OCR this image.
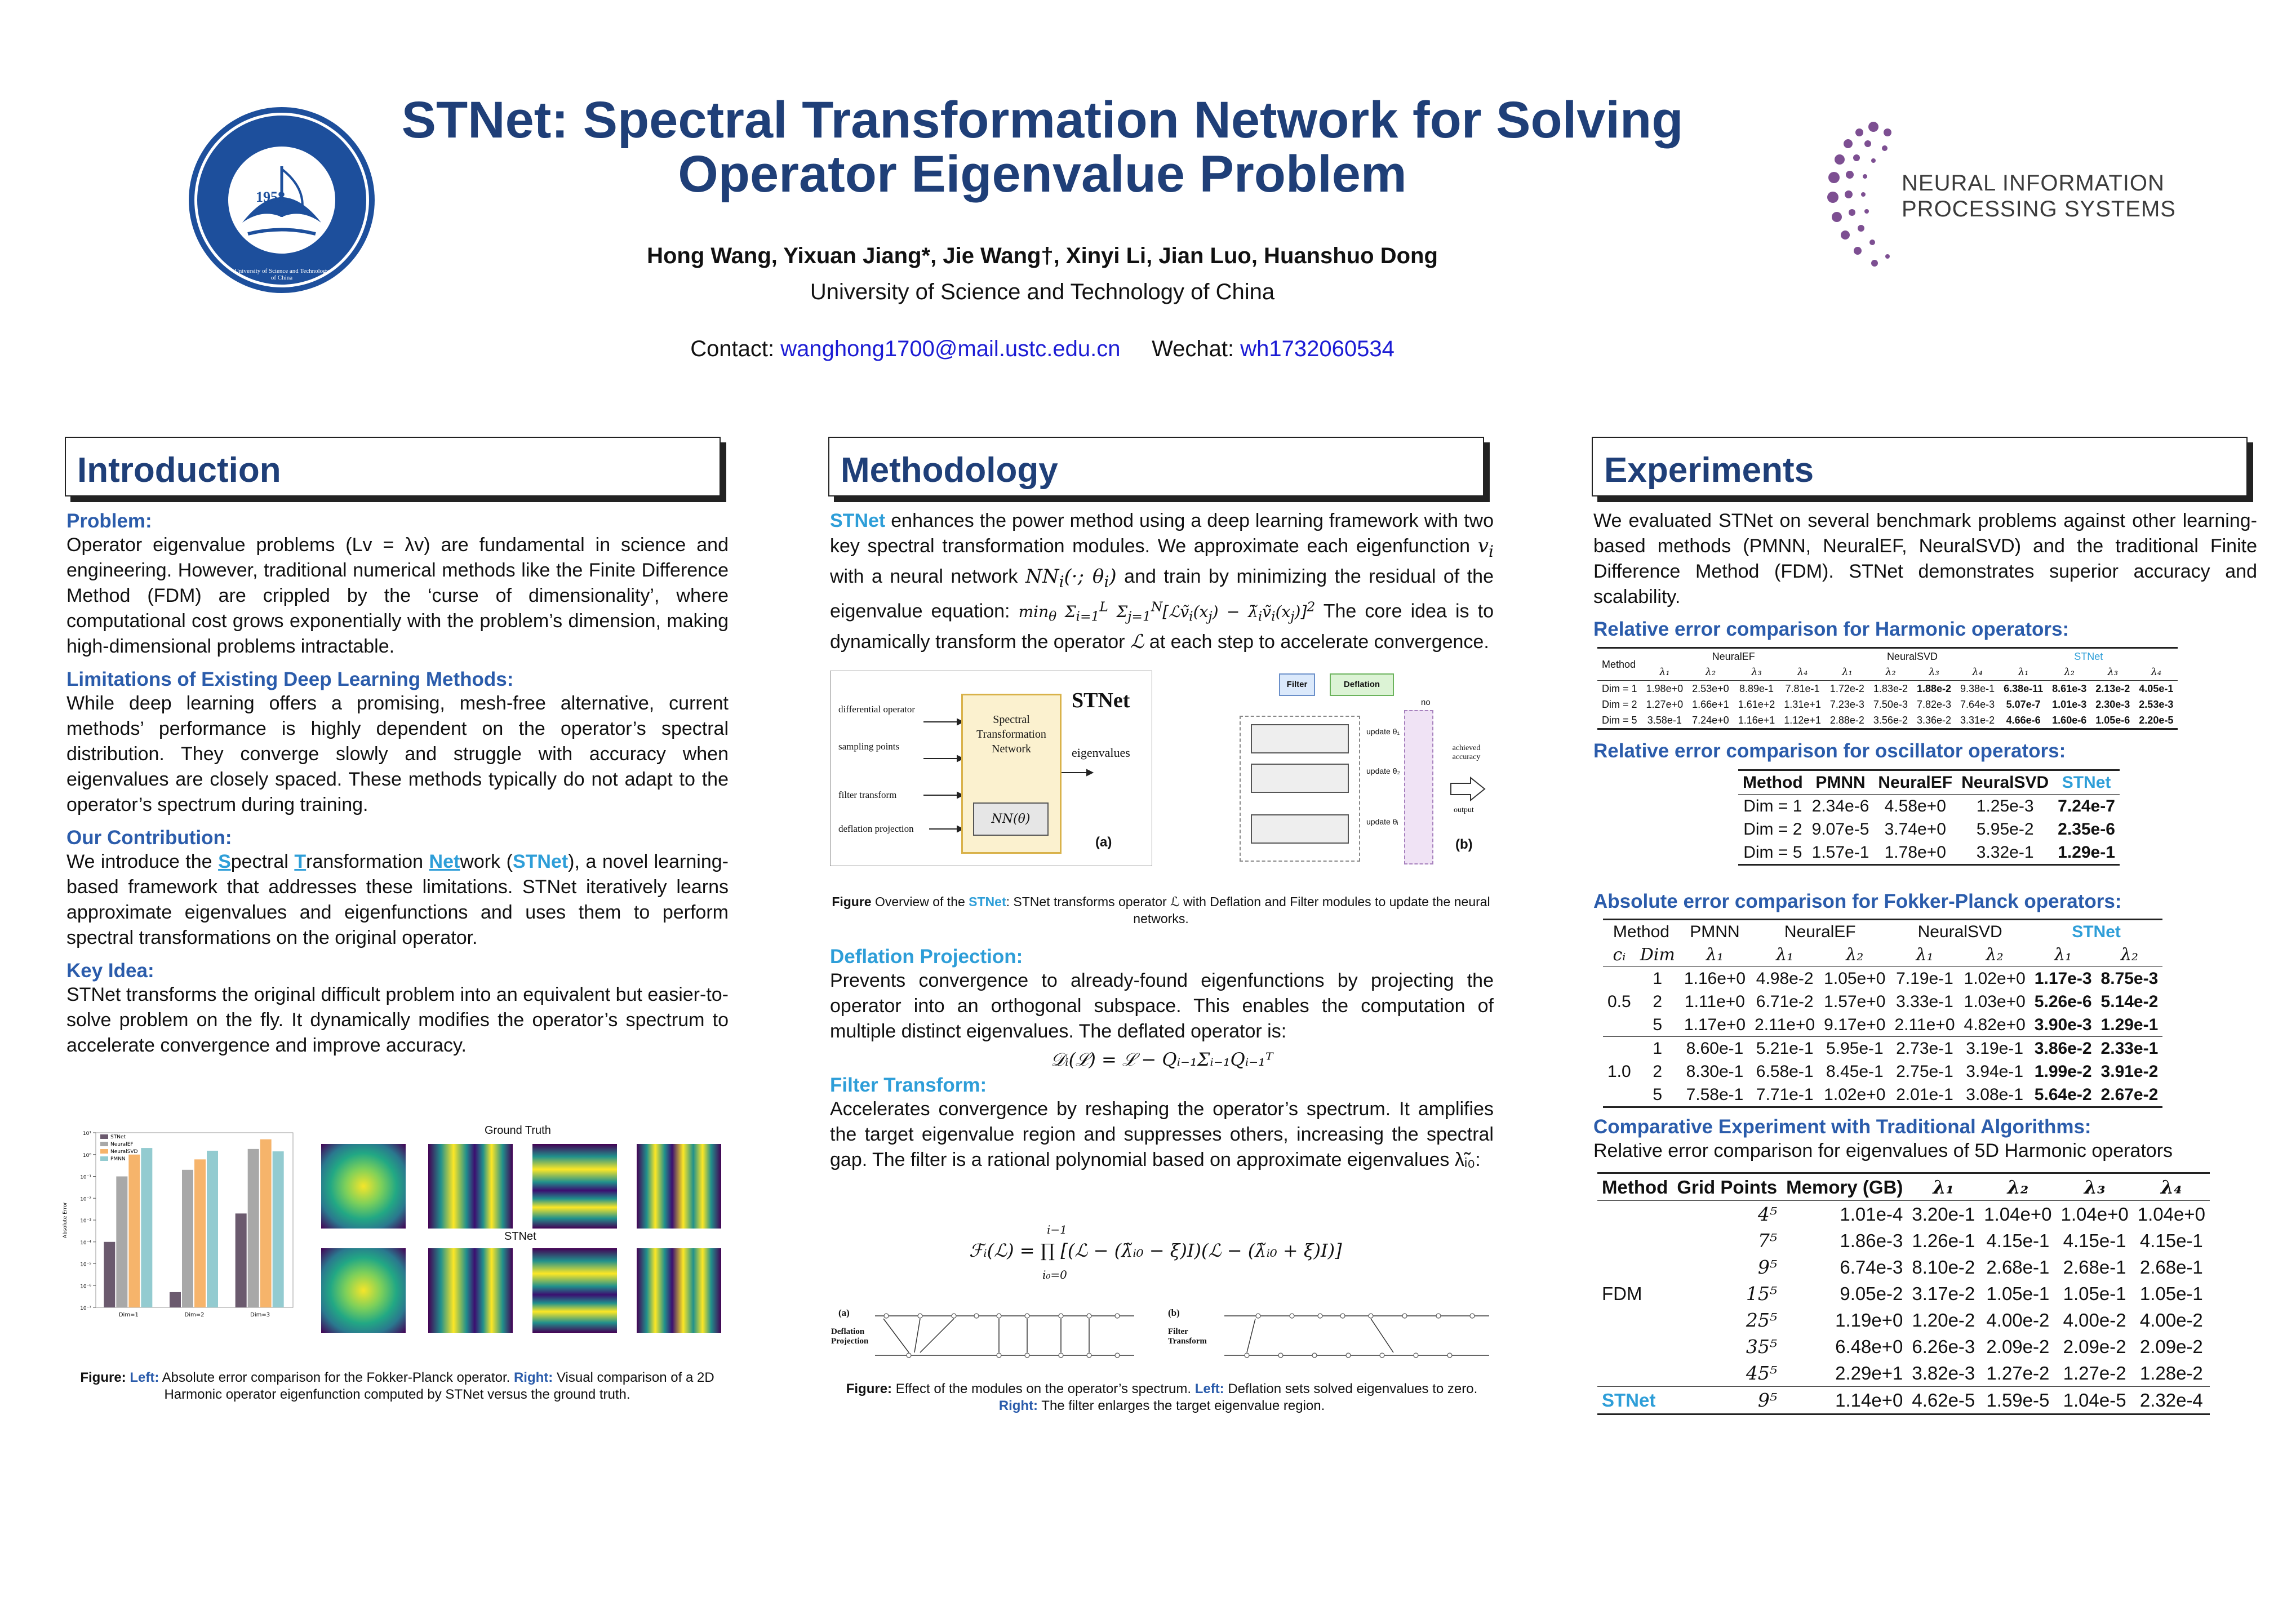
1958
University of Science and Technology of China
STNet: Spectral Transformation Network for Solving
Operator Eigenvalue Problem
Hong Wang, Yixuan Jiang*, Jie Wang†, Xinyi Li, Jian Luo, Huanshuo Dong
University of Science and Technology of China
Contact: wanghong1700@mail.ustc.edu.cn Wechat: wh1732060534
NEURAL INFORMATION
PROCESSING SYSTEMS
Introduction
Problem:
Operator eigenvalue problems (Lv = λv) are fundamental in science and engineering. However, traditional numerical methods like the Finite Difference Method (FDM) are crippled by the ‘curse of dimensionality’, where computational cost grows exponentially with the problem’s dimension, making high-dimensional problems intractable.
Limitations of Existing Deep Learning Methods:
While deep learning offers a promising, mesh-free alternative, current methods’ performance is highly dependent on the operator’s spectral distribution. They converge slowly and struggle with accuracy when eigenvalues are closely spaced. These methods typically do not adapt to the operator’s spectrum during training.
Our Contribution:
We introduce the Spectral Transformation Network (STNet), a novel learning-based framework that addresses these limitations. STNet iteratively learns approximate eigenvalues and eigenfunctions and uses them to perform spectral transformations on the original operator.
Key Idea:
STNet transforms the original difficult problem into an equivalent but easier-to-solve problem on the fly. It dynamically modifies the operator’s spectrum to accelerate convergence and improve accuracy.
10⁻⁷
10⁻⁶
10⁻⁵
10⁻⁴
10⁻³
10⁻²
10⁻¹
10⁰
10¹
Absolute Error
Dim=1	Dim=2	Dim=3
STNet
NeuralEF
NeuralSVD
PMNN
Ground Truth
STNet
Figure: Left: Absolute error comparison for the Fokker-Planck operator. Right: Visual comparison of a 2D Harmonic operator eigenfunction computed by STNet versus the ground truth.
Methodology
STNet enhances the power method using a deep learning framework with two key spectral transformation modules. We approximate each eigenfunction $v_i$ with a neural network $NN_i(\cdot$; $\theta_i$) and train by minimizing the residual of the eigenvalue equation: $\min_\theta \Sigma_{i=1}^L$ $\Sigma_{j=1}^N[ℒṽ_i(x_j)$ − $\lambdã_iṽ_i(x_j)]^2$ The core idea is to dynamically transform the operator ℒ at each step to accelerate convergence.
differential operator
sampling points
filter transform
deflation projection
Spectral Transformation Network
NN(θ)
STNet
eigenvalues
(a)
Filter	Deflation
no
update θ₁
update θ₂
update θᵢ
achieved accuracy
output
(b)
Figure Overview of the STNet: STNet transforms operator ℒ with Deflation and Filter modules to update the neural networks.
Deflation Projection:
Prevents convergence to already-found eigenfunctions by projecting the operator into an orthogonal subspace. This enables the computation of multiple distinct eigenvalues. The deflated operator is:
𝒟ᵢ(ℒ) = ℒ − Qᵢ₋₁Σᵢ₋₁Qᵢ₋₁ᵀ
Filter Transform:
Accelerates convergence by reshaping the operator’s spectrum. It amplifies the target eigenvalue region and suppresses others, increasing the spectral gap. The filter is a rational polynomial based on approximate eigenvalues λ̃ᵢ₀:
i−1
ℱᵢ(ℒ) = ∏ [(ℒ − (λ̃ᵢ₀ − ξ)I)(ℒ − (λ̃ᵢ₀ + ξ)I)]
i₀=0
(a)
Deflation Projection
(b)
Filter Transform
Figure: Effect of the modules on the operator’s spectrum. Left: Deflation sets solved eigenvalues to zero.
Right: The filter enlarges the target eigenvalue region.
Experiments
We evaluated STNet on several benchmark problems against other learning-based methods (PMNN, NeuralEF, NeuralSVD) and the traditional Finite Difference Method (FDM). STNet demonstrates superior accuracy and scalability.
Relative error comparison for Harmonic operators:
Method	NeuralEF				NeuralSVD				STNet			
	λ₁	λ₂	λ₃	λ₄	λ₁	λ₂	λ₃	λ₄	λ₁	λ₂	λ₃	λ₄
Dim = 1	1.98e+0	2.53e+0	8.89e-1	7.81e-1	1.72e-2	1.83e-2	1.88e-2	9.38e-1	6.38e-11	8.61e-3	2.13e-2	4.05e-1
Dim = 2	1.27e+0	1.66e+1	1.61e+2	1.31e+1	7.23e-3	7.50e-3	7.82e-3	7.64e-3	5.07e-7	1.01e-3	2.30e-3	2.53e-3
Dim = 5	3.58e-1	7.24e+0	1.16e+1	1.12e+1	2.88e-2	3.56e-2	3.36e-2	3.31e-2	4.66e-6	1.60e-6	1.05e-6	2.20e-5
Relative error comparison for oscillator operators:
Method	PMNN	NeuralEF	NeuralSVD	STNet
Dim = 1	2.34e-6	4.58e+0	1.25e-3	7.24e-7
Dim = 2	9.07e-5	3.74e+0	5.95e-2	2.35e-6
Dim = 5	1.57e-1	1.78e+0	3.32e-1	1.29e-1
Absolute error comparison for Fokker-Planck operators:
Method		PMNN	NeuralEF		NeuralSVD		STNet	
cᵢ	Dim	λ₁	λ₁	λ₂	λ₁	λ₂	λ₁	λ₂
0.5	1	1.16e+0	4.98e-2	1.05e+0	7.19e-1	1.02e+0	1.17e-3	8.75e-3
	2	1.11e+0	6.71e-2	1.57e+0	3.33e-1	1.03e+0	5.26e-6	5.14e-2
	5	1.17e+0	2.11e+0	9.17e+0	2.11e+0	4.82e+0	3.90e-3	1.29e-1
1.0	1	8.60e-1	5.21e-1	5.95e-1	2.73e-1	3.19e-1	3.86e-2	2.33e-1
	2	8.30e-1	6.58e-1	8.45e-1	2.75e-1	3.94e-1	1.99e-2	3.91e-2
	5	7.58e-1	7.71e-1	1.02e+0	2.01e-1	3.08e-1	5.64e-2	2.67e-2
Comparative Experiment with Traditional Algorithms:
Relative error comparison for eigenvalues of 5D Harmonic operators
Method	Grid Points	Memory (GB)	λ₁	λ₂	λ₃	λ₄
FDM	4⁵	1.01e-4	3.20e-1	1.04e+0	1.04e+0	1.04e+0
	7⁵	1.86e-3	1.26e-1	4.15e-1	4.15e-1	4.15e-1
	9⁵	6.74e-3	8.10e-2	2.68e-1	2.68e-1	2.68e-1
	15⁵	9.05e-2	3.17e-2	1.05e-1	1.05e-1	1.05e-1
	25⁵	1.19e+0	1.20e-2	4.00e-2	4.00e-2	4.00e-2
	35⁵	6.48e+0	6.26e-3	2.09e-2	2.09e-2	2.09e-2
	45⁵	2.29e+1	3.82e-3	1.27e-2	1.27e-2	1.28e-2
STNet	9⁵	1.14e+0	4.62e-5	1.59e-5	1.04e-5	2.32e-4
